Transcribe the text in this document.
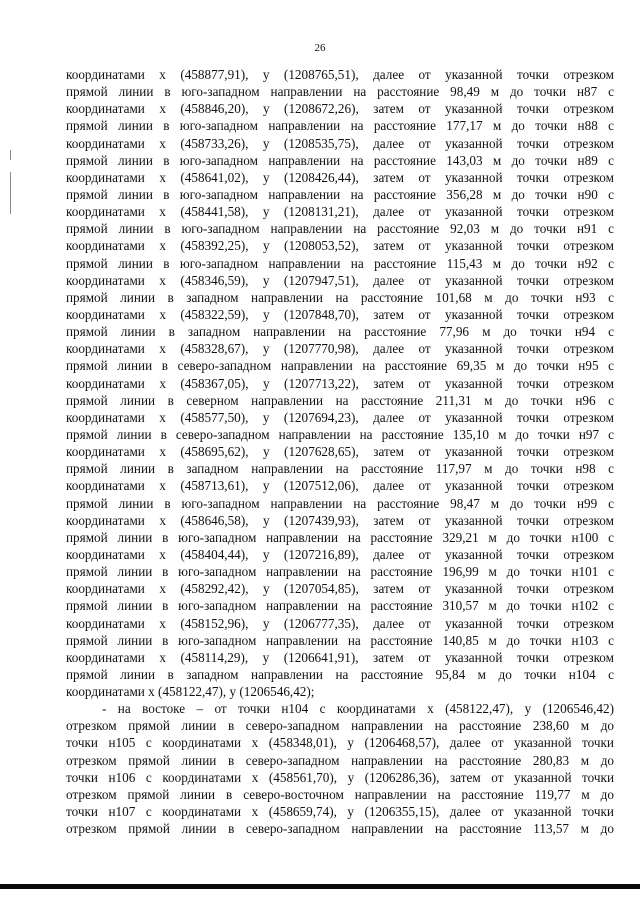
26
координатами x (458877,91), у (1208765,51), далее от указанной точки отрезком
прямой линии в юго-западном направлении на расстояние 98,49 м до точки н87 с
координатами x (458846,20), у (1208672,26), затем от указанной точки отрезком
прямой линии в юго-западном направлении на расстояние 177,17 м до точки н88 с
координатами x (458733,26), у (1208535,75), далее от указанной точки отрезком
прямой линии в юго-западном направлении на расстояние 143,03 м до точки н89 с
координатами x (458641,02), у (1208426,44), затем от указанной точки отрезком
прямой линии в юго-западном направлении на расстояние 356,28 м до точки н90 с
координатами x (458441,58), у (1208131,21), далее от указанной точки отрезком
прямой линии в юго-западном направлении на расстояние 92,03 м до точки н91 с
координатами x (458392,25), у (1208053,52), затем от указанной точки отрезком
прямой линии в юго-западном направлении на расстояние 115,43 м до точки н92 с
координатами x (458346,59), у (1207947,51), далее от указанной точки отрезком
прямой линии в западном направлении на расстояние 101,68 м до точки н93 с
координатами x (458322,59), у (1207848,70), затем от указанной точки отрезком
прямой линии в западном направлении на расстояние 77,96 м до точки н94 с
координатами x (458328,67), у (1207770,98), далее от указанной точки отрезком
прямой линии в северо-западном направлении на расстояние 69,35 м до точки н95 с
координатами x (458367,05), у (1207713,22), затем от указанной точки отрезком
прямой линии в северном направлении на расстояние 211,31 м до точки н96 с
координатами x (458577,50), у (1207694,23), далее от указанной точки отрезком
прямой линии в северо-западном направлении на расстояние 135,10 м до точки н97 с
координатами x (458695,62), у (1207628,65), затем от указанной точки отрезком
прямой линии в западном направлении на расстояние 117,97 м до точки н98 с
координатами x (458713,61), у (1207512,06), далее от указанной точки отрезком
прямой линии в юго-западном направлении на расстояние 98,47 м до точки н99 с
координатами x (458646,58), у (1207439,93), затем от указанной точки отрезком
прямой линии в юго-западном направлении на расстояние 329,21 м до точки н100 с
координатами x (458404,44), у (1207216,89), далее от указанной точки отрезком
прямой линии в юго-западном направлении на расстояние 196,99 м до точки н101 с
координатами x (458292,42), у (1207054,85), затем от указанной точки отрезком
прямой линии в юго-западном направлении на расстояние 310,57 м до точки н102 с
координатами x (458152,96), у (1206777,35), далее от указанной точки отрезком
прямой линии в юго-западном направлении на расстояние 140,85 м до точки н103 с
координатами x (458114,29), у (1206641,91), затем от указанной точки отрезком
прямой линии в западном направлении на расстояние 95,84 м до точки н104 с
координатами x (458122,47), у (1206546,42);
- на востоке – от точки н104 с координатами x (458122,47), у (1206546,42)
отрезком прямой линии в северо-западном направлении на расстояние 238,60 м до
точки н105 с координатами x (458348,01), у (1206468,57), далее от указанной точки
отрезком прямой линии в северо-западном направлении на расстояние 280,83 м до
точки н106 с координатами x (458561,70), у (1206286,36), затем от указанной точки
отрезком прямой линии в северо-восточном направлении на расстояние 119,77 м до
точки н107 с координатами x (458659,74), у (1206355,15), далее от указанной точки
отрезком прямой линии в северо-западном направлении на расстояние 113,57 м до
